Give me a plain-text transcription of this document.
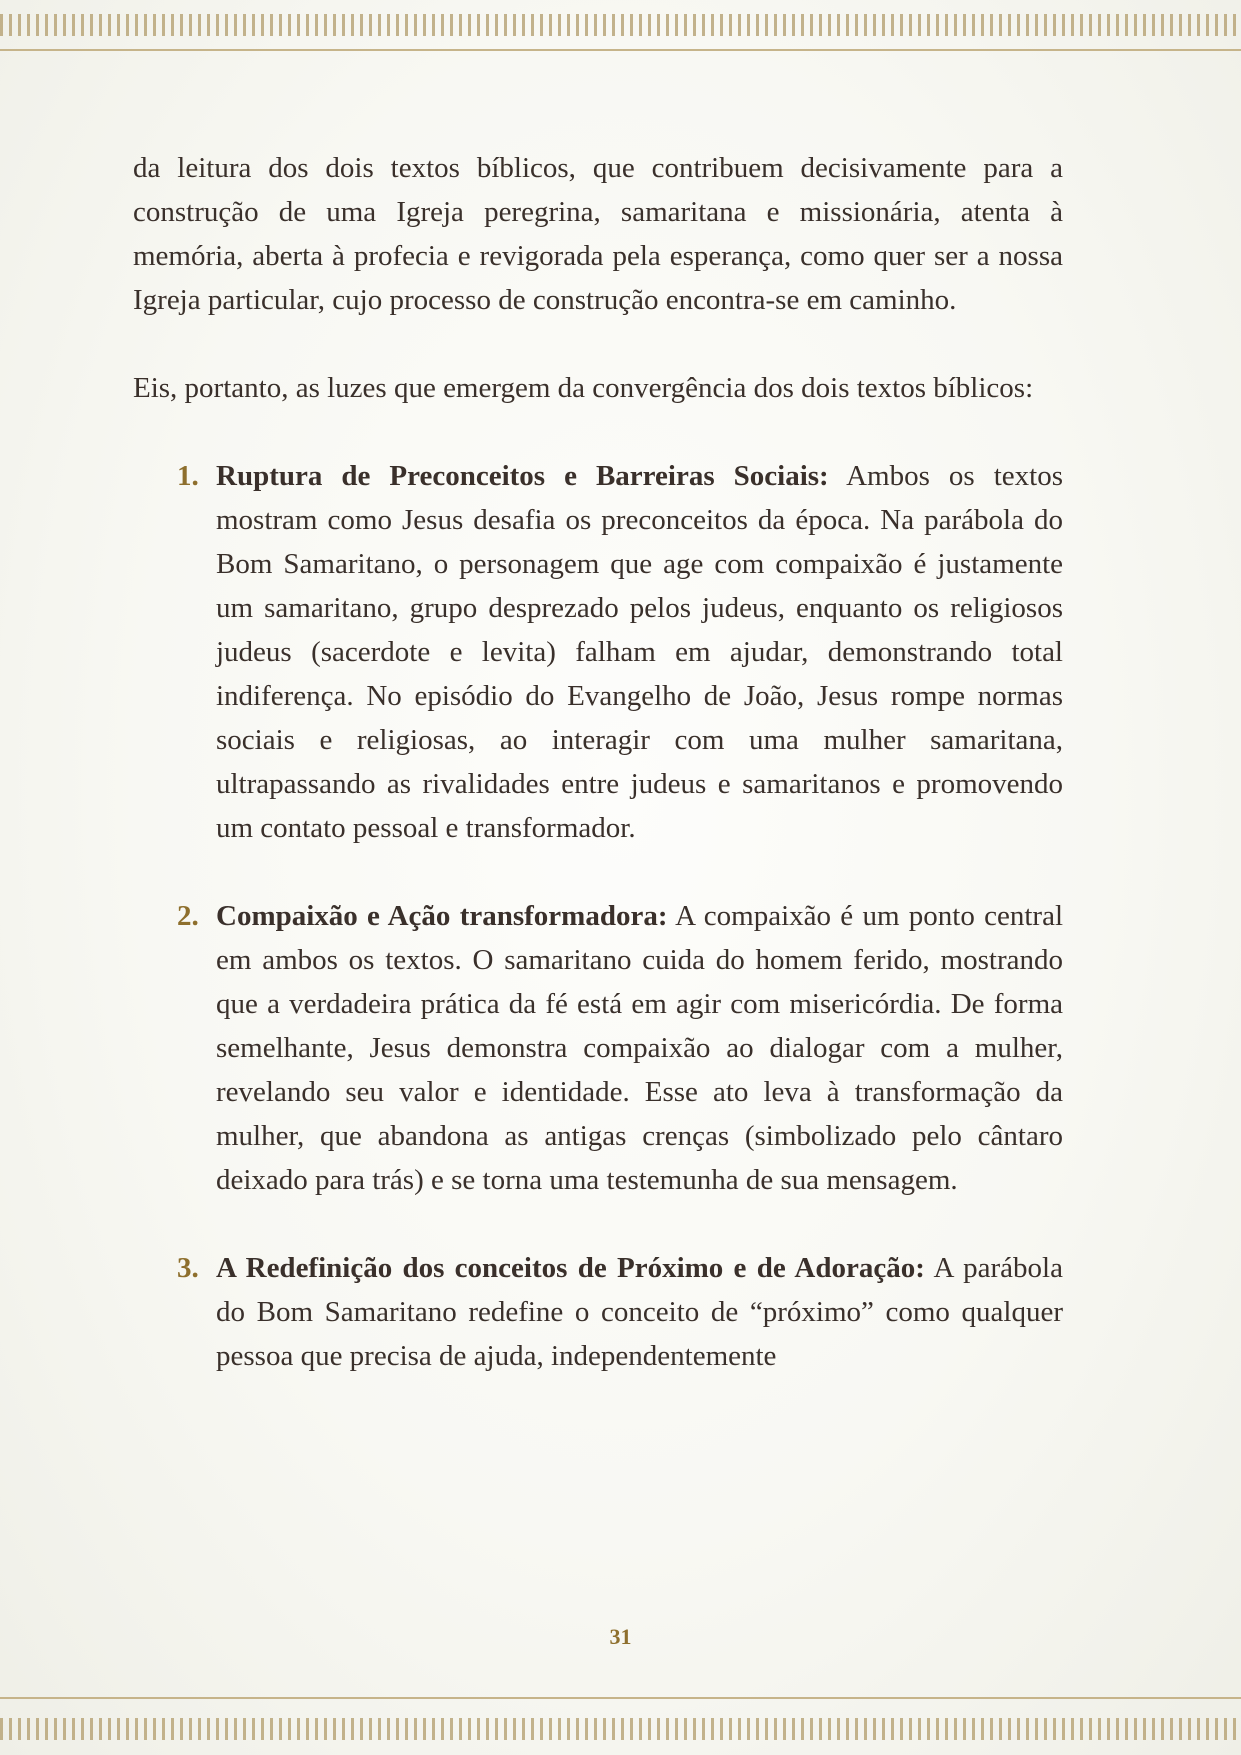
da leitura dos dois textos bíblicos, que contribuem decisivamente para a construção de uma Igreja peregrina, samaritana e missionária, atenta à memória, aberta à profecia e revigorada pela esperança, como quer ser a nossa Igreja particular, cujo processo de construção encontra-se em caminho.

Eis, portanto, as luzes que emergem da convergência dos dois textos bíblicos:

1. Ruptura de Preconceitos e Barreiras Sociais: Ambos os textos mostram como Jesus desafia os preconceitos da época. Na parábola do Bom Samaritano, o personagem que age com compaixão é justamente um samaritano, grupo desprezado pelos judeus, enquanto os religiosos judeus (sacerdote e levita) falham em ajudar, demonstrando total indiferença. No episódio do Evangelho de João, Jesus rompe normas sociais e religiosas, ao interagir com uma mulher samaritana, ultrapassando as rivalidades entre judeus e samaritanos e promovendo um contato pessoal e transformador.
2. Compaixão e Ação transformadora: A compaixão é um ponto central em ambos os textos. O samaritano cuida do homem ferido, mostrando que a verdadeira prática da fé está em agir com misericórdia. De forma semelhante, Jesus demonstra compaixão ao dialogar com a mulher, revelando seu valor e identidade. Esse ato leva à transformação da mulher, que abandona as antigas crenças (simbolizado pelo cântaro deixado para trás) e se torna uma testemunha de sua mensagem.
3. A Redefinição dos conceitos de Próximo e de Adoração: A parábola do Bom Samaritano redefine o conceito de “próximo” como qualquer pessoa que precisa de ajuda, independentemente
31
